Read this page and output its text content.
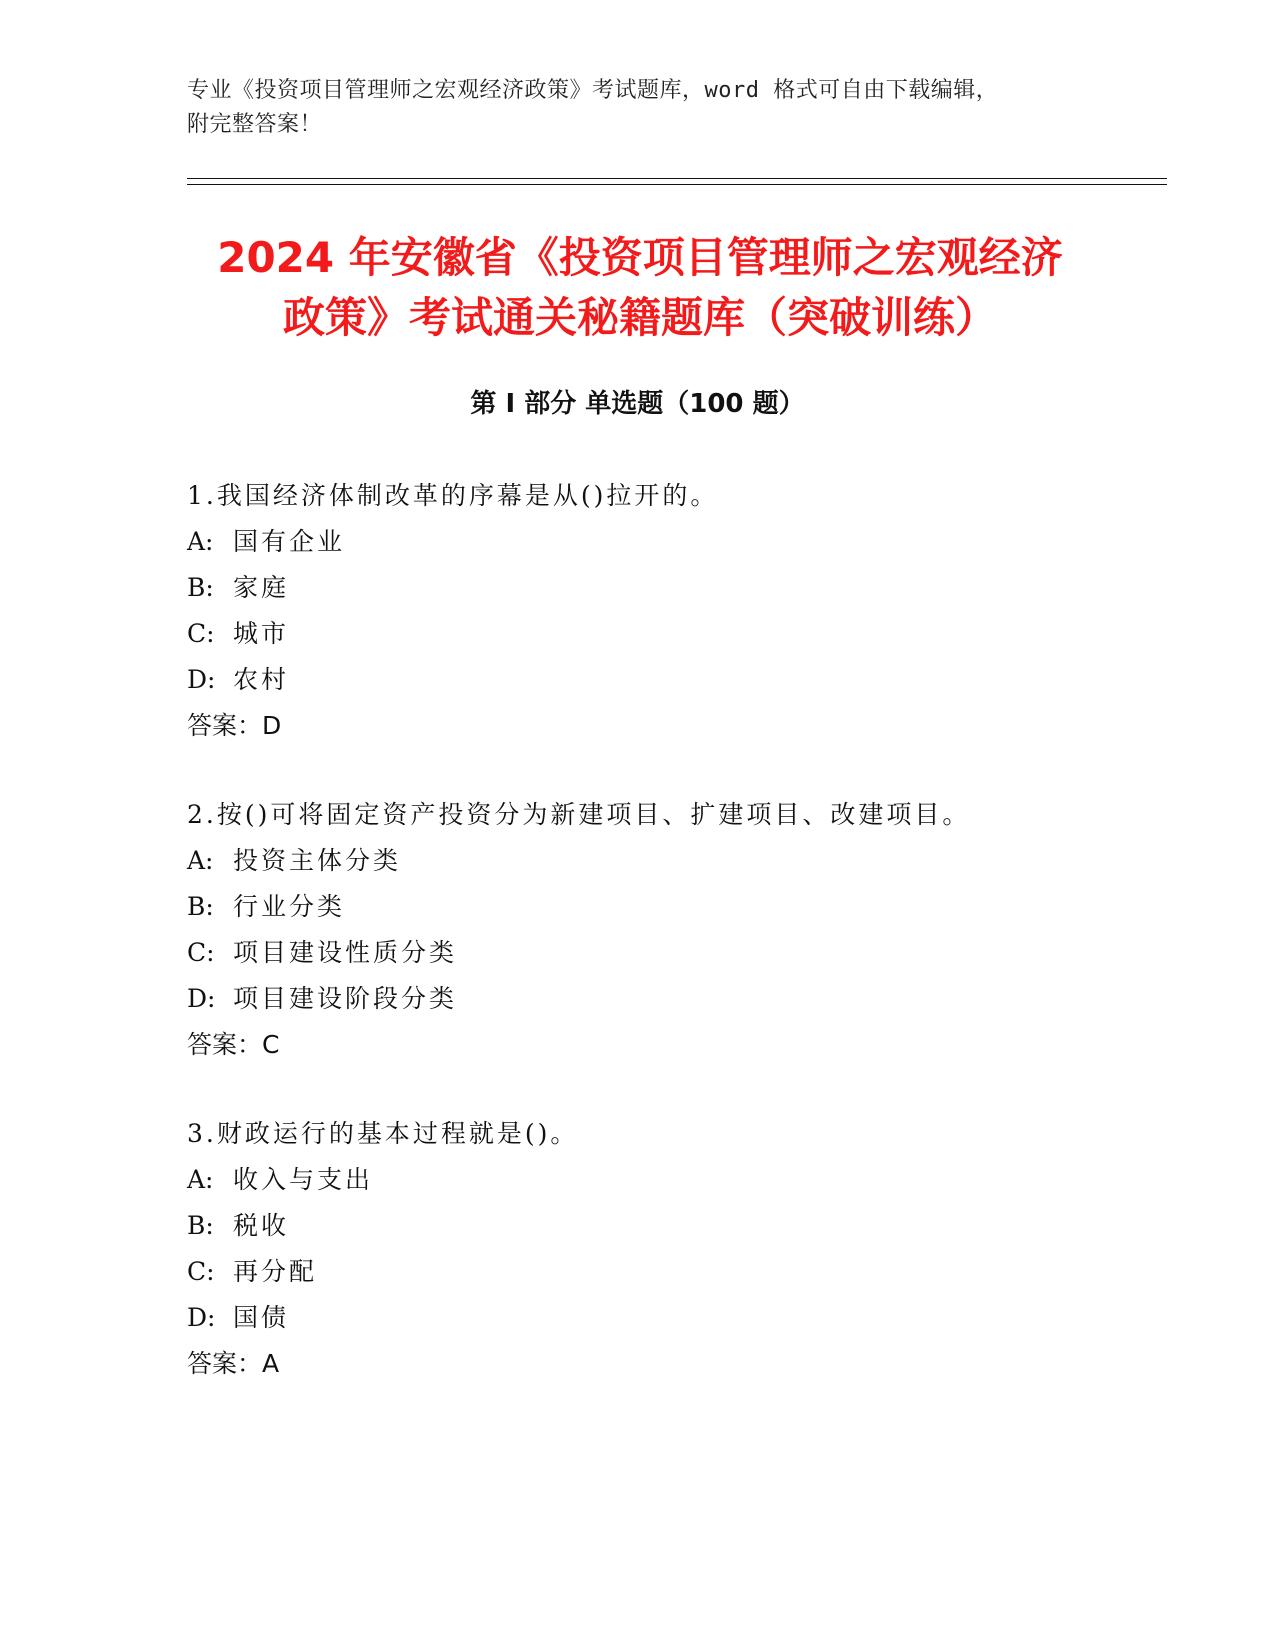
专业《投资项目管理师之宏观经济政策》考试题库，word 格式可自由下载编辑，
附完整答案！
2024 年安徽省《投资项目管理师之宏观经济
政策》考试通关秘籍题库（突破训练）
第 I 部分 单选题（100 题）
1.我国经济体制改革的序幕是从()拉开的。
A: 国有企业
B: 家庭
C: 城市
D: 农村
答案：D
2.按()可将固定资产投资分为新建项目、扩建项目、改建项目。
A: 投资主体分类
B: 行业分类
C: 项目建设性质分类
D: 项目建设阶段分类
答案：C
3.财政运行的基本过程就是()。
A: 收入与支出
B: 税收
C: 再分配
D: 国债
答案：A
